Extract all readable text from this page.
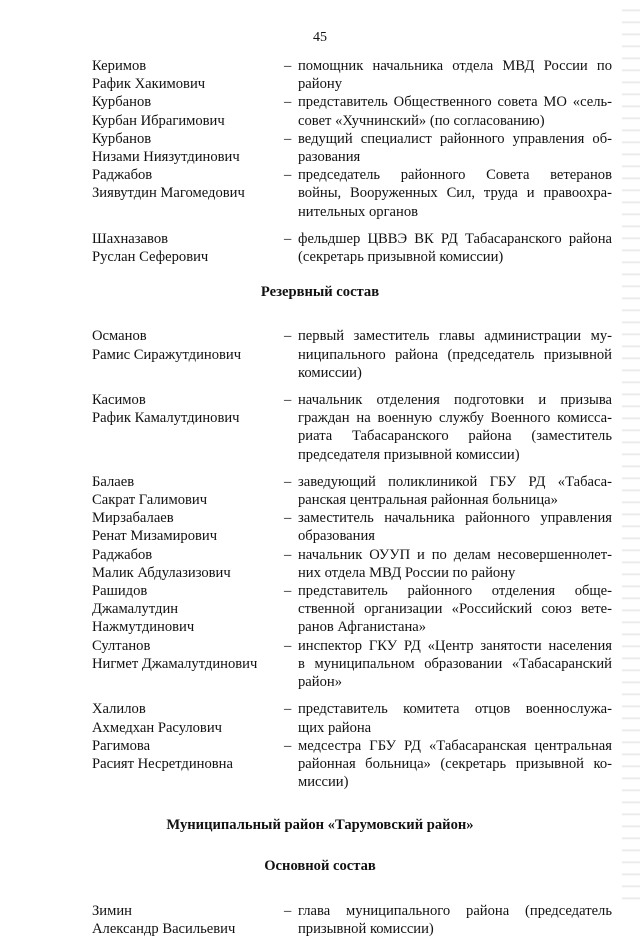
45
Керимов
Рафик Хакимович
– помощник начальника отдела МВД России по
району
Курбанов
Курбан Ибрагимович
– представитель Общественного совета МО «сель-
совет «Хучнинский» (по согласованию)
Курбанов
Низами Ниязутдинович
– ведущий специалист районного управления об-
разования
Раджабов
Зиявутдин Магомедович
– председатель районного Совета ветеранов
войны, Вооруженных Сил, труда и правоохра-
нительных органов
Шахназавов
Руслан Сеферович
– фельдшер ЦВВЭ ВК РД Табасаранского района
(секретарь призывной комиссии)
Резервный состав
Османов
Рамис Сиражутдинович
– первый заместитель главы администрации му-
ниципального района (председатель призывной
комиссии)
Касимов
Рафик Камалутдинович
– начальник отделения подготовки и призыва
граждан на военную службу Военного комисса-
риата Табасаранского района (заместитель
председателя призывной комиссии)
Балаев
Сакрат Галимович
– заведующий поликлиникой ГБУ РД «Табаса-
ранская центральная районная больница»
Мирзабалаев
Ренат Мизамирович
– заместитель начальника районного управления
образования
Раджабов
Малик Абдулазизович
– начальник ОУУП и по делам несовершеннолет-
них отдела МВД России по району
Рашидов
Джамалутдин
Нажмутдинович
– представитель районного отделения обще-
ственной организации «Российский союз вете-
ранов Афганистана»
Султанов
Нигмет Джамалутдинович
– инспектор ГКУ РД «Центр занятости населения
в муниципальном образовании «Табасаранский
район»
Халилов
Ахмедхан Расулович
– представитель комитета отцов военнослужа-
щих района
Рагимова
Расият Несретдиновна
– медсестра ГБУ РД «Табасаранская центральная
районная больница» (секретарь призывной ко-
миссии)
Муниципальный район «Тарумовский район»
Основной состав
Зимин
Александр Васильевич
– глава муниципального района (председатель
призывной комиссии)
